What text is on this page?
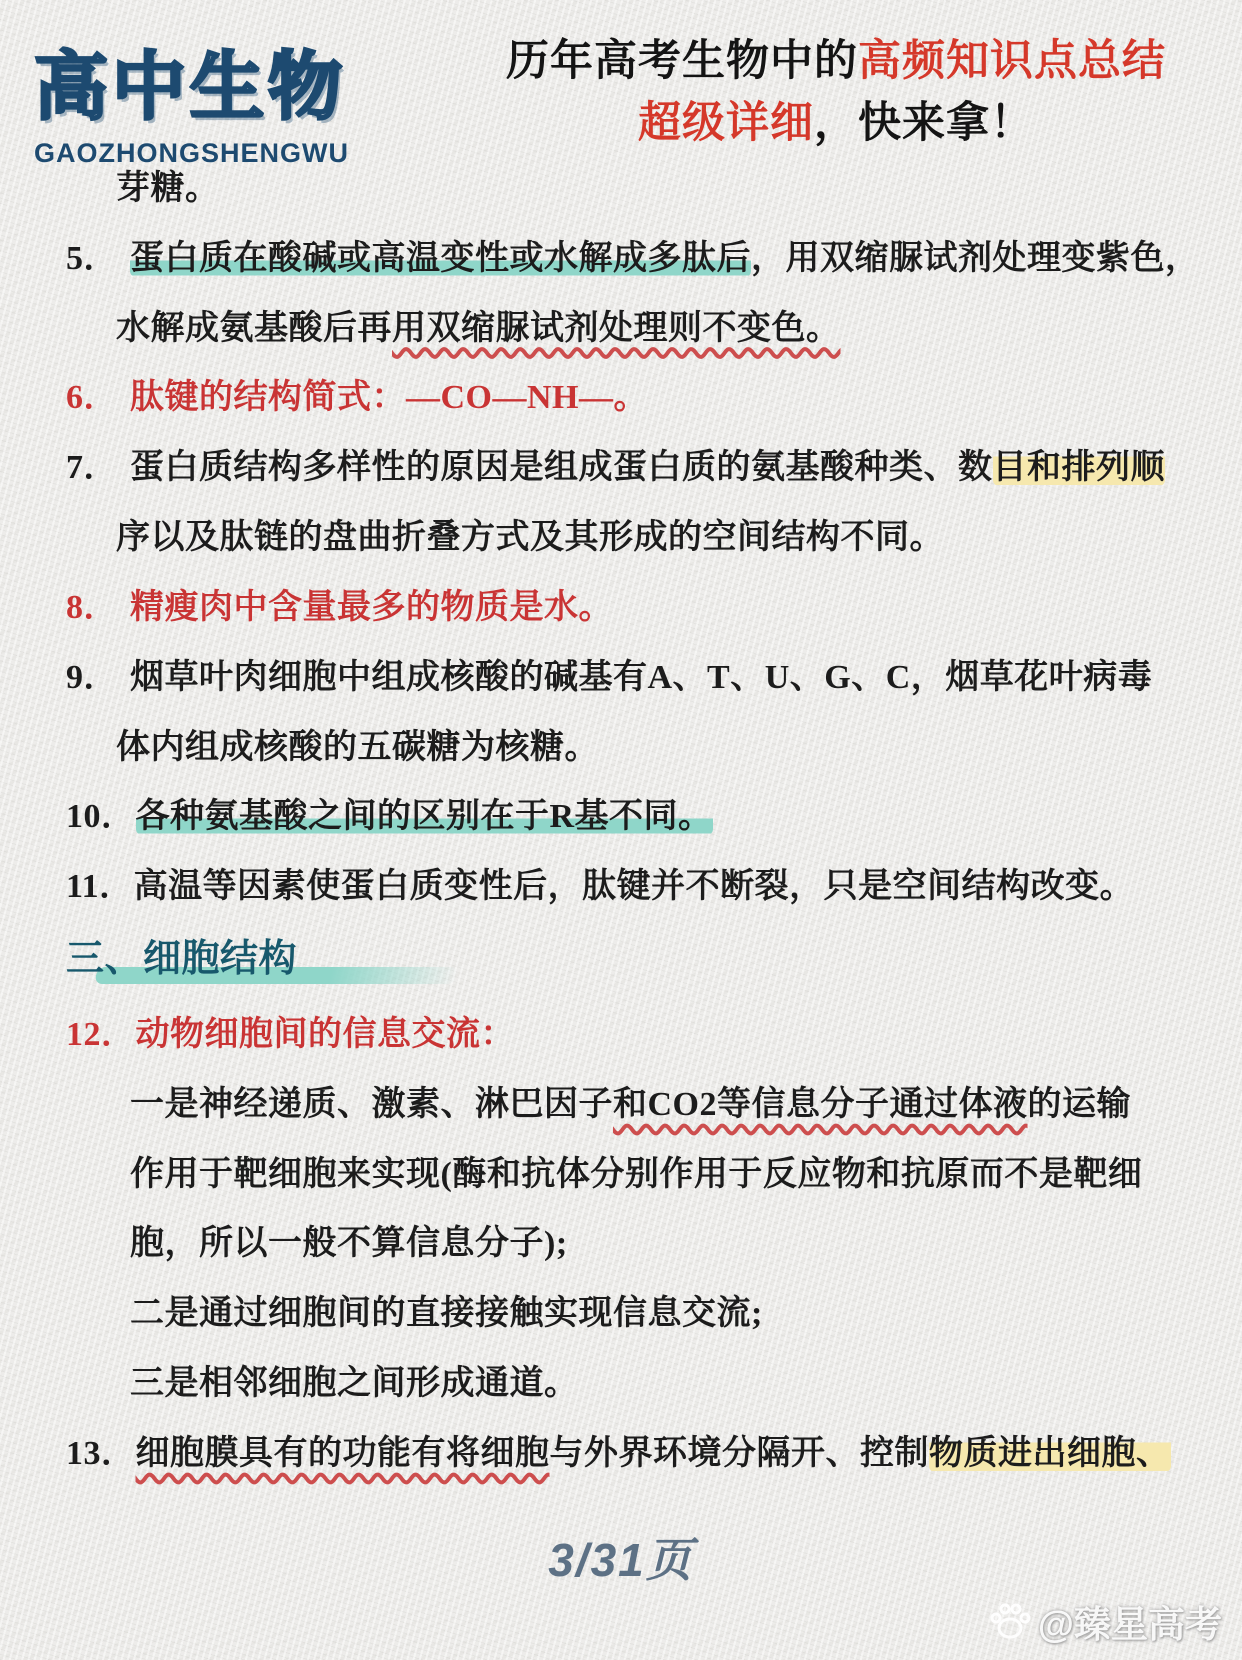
高中生物
GAOZHONGSHENGWU
历年高考生物中的高频知识点总结
超级详细，快来拿！
芽糖。
5． 蛋白质在酸碱或高温变性或水解成多肽后，用双缩脲试剂处理变紫色，
水解成氨基酸后再用双缩脲试剂处理则不变色。
6． 肽键的结构简式：—CO—NH—。
7． 蛋白质结构多样性的原因是组成蛋白质的氨基酸种类、数目和排列顺
序以及肽链的盘曲折叠方式及其形成的空间结构不同。
8． 精瘦肉中含量最多的物质是水。
9． 烟草叶肉细胞中组成核酸的碱基有A、T、U、G、C，烟草花叶病毒
体内组成核酸的五碳糖为核糖。
10． 各种氨基酸之间的区别在于R基不同。
11． 高温等因素使蛋白质变性后，肽键并不断裂，只是空间结构改变。
三、细胞结构
12． 动物细胞间的信息交流：
一是神经递质、激素、淋巴因子和CO2等信息分子通过体液的运输
作用于靶细胞来实现(酶和抗体分别作用于反应物和抗原而不是靶细
胞，所以一般不算信息分子);
二是通过细胞间的直接接触实现信息交流;
三是相邻细胞之间形成通道。
13． 细胞膜具有的功能有将细胞与外界环境分隔开、控制物质进出细胞、
3/31页
@臻星高考
